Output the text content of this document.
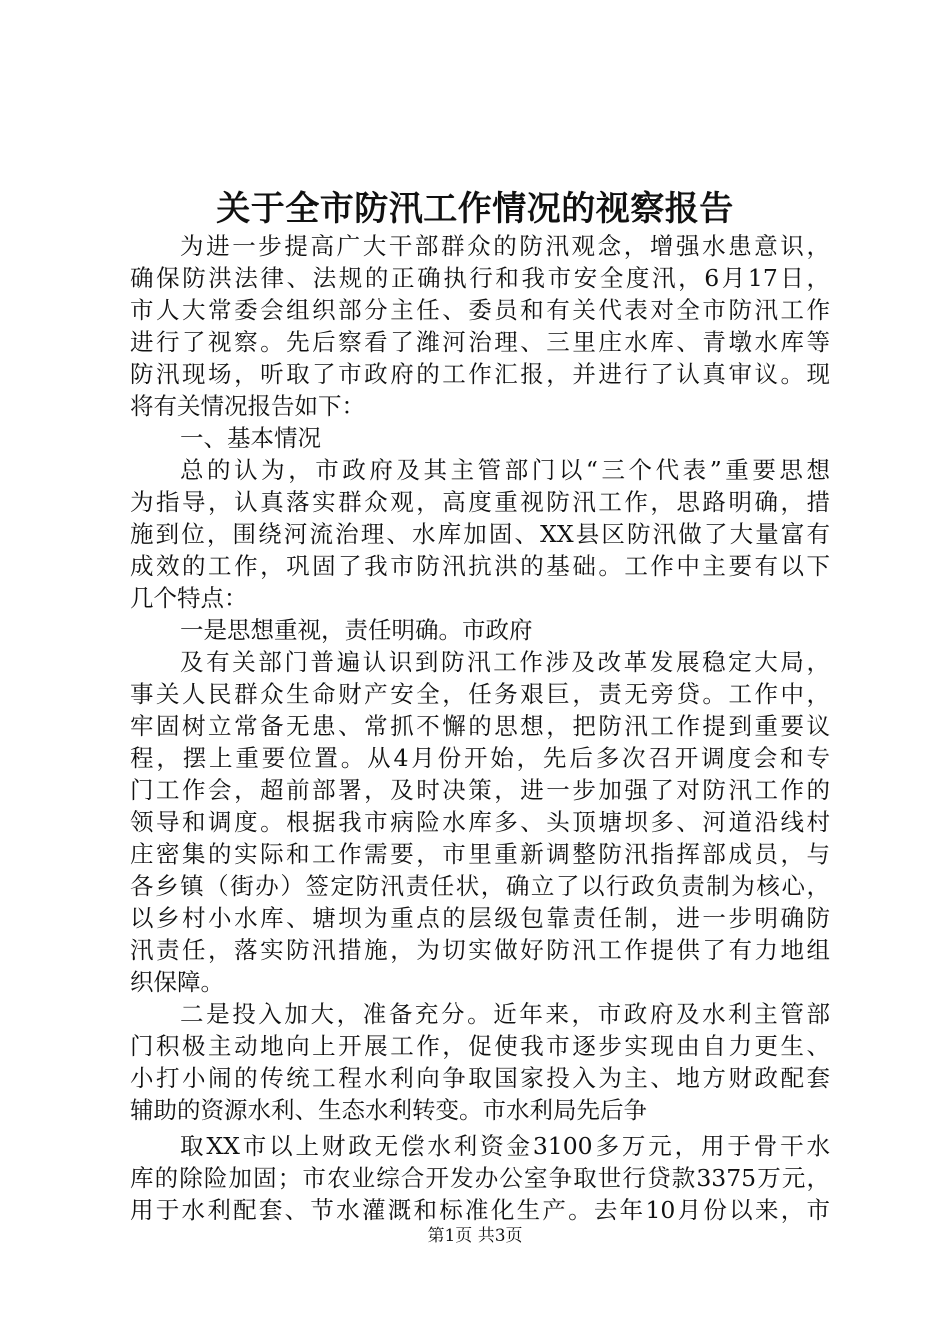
关于全市防汛工作情况的视察报告
为进一步提高广大干部群众的防汛观念，增强水患意识，
确保防洪法律、法规的正确执行和我市安全度汛，6月17日，
市人大常委会组织部分主任、委员和有关代表对全市防汛工作
进行了视察。先后察看了潍河治理、三里庄水库、青墩水库等
防汛现场，听取了市政府的工作汇报，并进行了认真审议。现
将有关情况报告如下：
一、基本情况
总的认为，市政府及其主管部门以“三个代表”重要思想
为指导，认真落实群众观，高度重视防汛工作，思路明确，措
施到位，围绕河流治理、水库加固、XX县区防汛做了大量富有
成效的工作，巩固了我市防汛抗洪的基础。工作中主要有以下
几个特点：
一是思想重视，责任明确。市政府
及有关部门普遍认识到防汛工作涉及改革发展稳定大局，
事关人民群众生命财产安全，任务艰巨，责无旁贷。工作中，
牢固树立常备无患、常抓不懈的思想，把防汛工作提到重要议
程，摆上重要位置。从4月份开始，先后多次召开调度会和专
门工作会，超前部署，及时决策，进一步加强了对防汛工作的
领导和调度。根据我市病险水库多、头顶塘坝多、河道沿线村
庄密集的实际和工作需要，市里重新调整防汛指挥部成员，与
各乡镇（街办）签定防汛责任状，确立了以行政负责制为核心，
以乡村小水库、塘坝为重点的层级包靠责任制，进一步明确防
汛责任，落实防汛措施，为切实做好防汛工作提供了有力地组
织保障。
二是投入加大，准备充分。近年来，市政府及水利主管部
门积极主动地向上开展工作，促使我市逐步实现由自力更生、
小打小闹的传统工程水利向争取国家投入为主、地方财政配套
辅助的资源水利、生态水利转变。市水利局先后争
取XX市以上财政无偿水利资金3100多万元，用于骨干水
库的除险加固；市农业综合开发办公室争取世行贷款3375万元，
用于水利配套、节水灌溉和标准化生产。去年10月份以来，市
第1页 共3页
